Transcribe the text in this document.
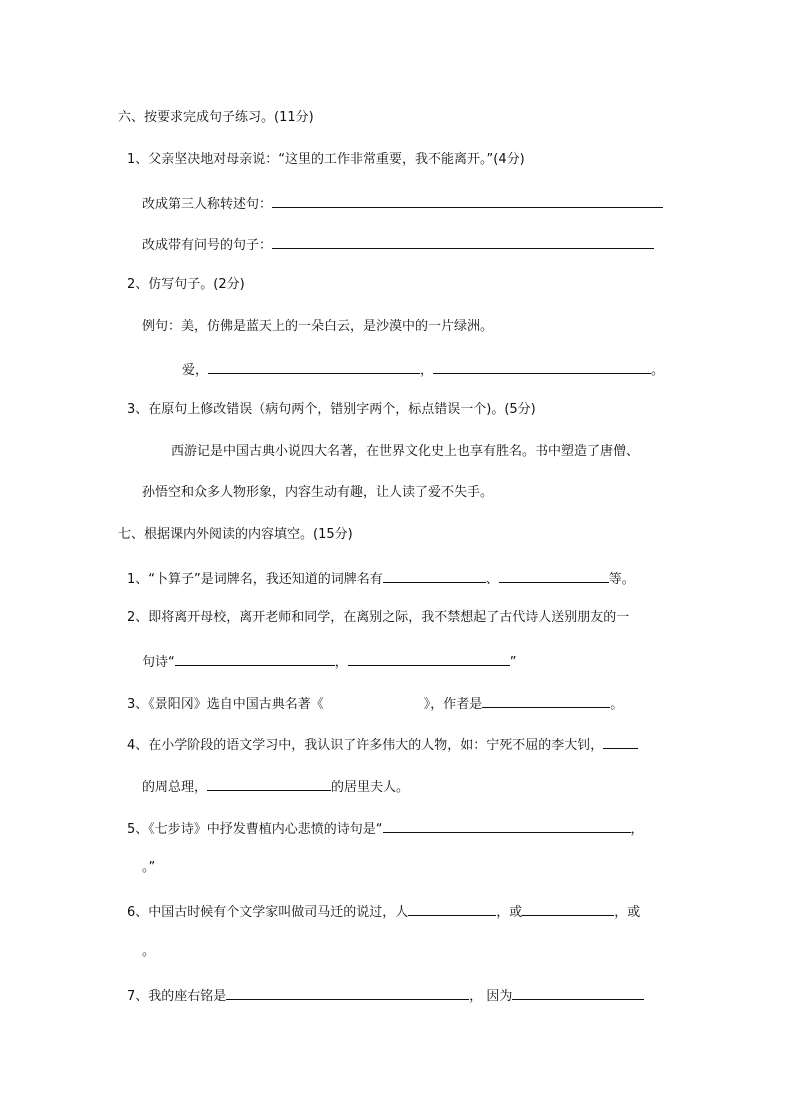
六、按要求完成句子练习。(11分)
1、父亲坚决地对母亲说：“这里的工作非常重要，我不能离开。”(4分)
改成第三人称转述句：
改成带有问号的句子：
2、仿写句子。(2分)
例句：美，仿佛是蓝天上的一朵白云，是沙漠中的一片绿洲。
爱，	，	。
3、在原句上修改错误（病句两个，错别字两个，标点错误一个)。(5分)
西游记是中国古典小说四大名著，在世界文化史上也享有胜名。书中塑造了唐僧、
孙悟空和众多人物形象，内容生动有趣，让人读了爱不失手。
七、根据课内外阅读的内容填空。(15分)
1、“卜算子”是词牌名，我还知道的词牌名有	、	等。
2、即将离开母校，离开老师和同学，在离别之际，我不禁想起了古代诗人送别朋友的一
句诗“	，	”
3、《景阳冈》选自中国古典名著《	》，作者是	。
4、在小学阶段的语文学习中，我认识了许多伟大的人物，如：宁死不屈的李大钊，
的周总理，	的居里夫人。
5、《七步诗》中抒发曹植内心悲愤的诗句是“	，
。”
6、中国古时候有个文学家叫做司马迁的说过，人	，或	，或
。
7、我的座右铭是	， 因为
